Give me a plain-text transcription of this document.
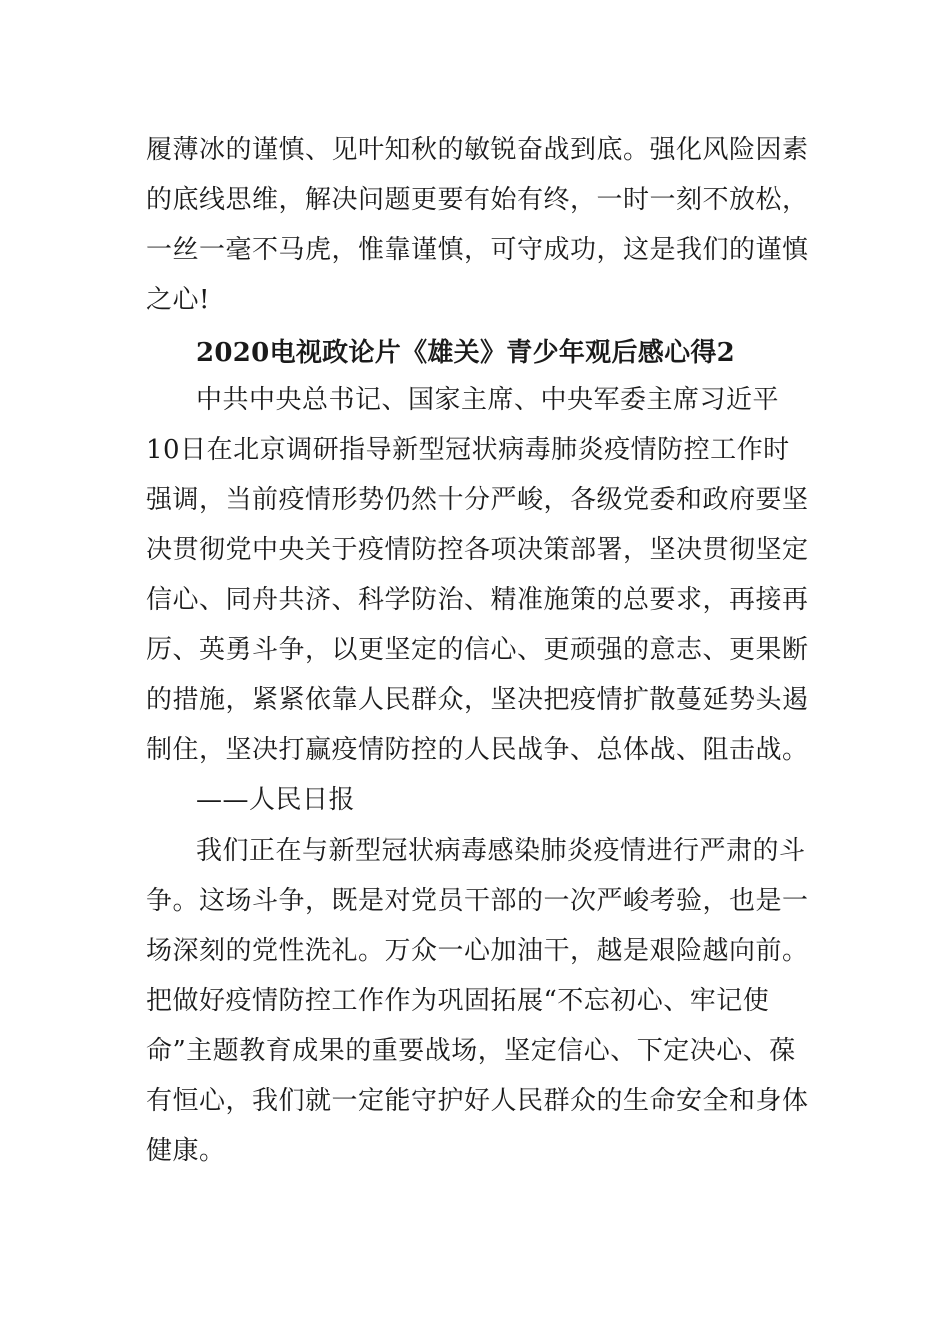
履薄冰的谨慎、见叶知秋的敏锐奋战到底。强化风险因素
的底线思维，解决问题更要有始有终，一时一刻不放松，
一丝一毫不马虎，惟靠谨慎，可守成功，这是我们的谨慎
之心!
2020电视政论片《雄关》青少年观后感心得2
中共中央总书记、国家主席、中央军委主席习近平
10日在北京调研指导新型冠状病毒肺炎疫情防控工作时
强调，当前疫情形势仍然十分严峻，各级党委和政府要坚
决贯彻党中央关于疫情防控各项决策部署，坚决贯彻坚定
信心、同舟共济、科学防治、精准施策的总要求，再接再
厉、英勇斗争，以更坚定的信心、更顽强的意志、更果断
的措施，紧紧依靠人民群众，坚决把疫情扩散蔓延势头遏
制住，坚决打赢疫情防控的人民战争、总体战、阻击战。
——人民日报
我们正在与新型冠状病毒感染肺炎疫情进行严肃的斗
争。这场斗争，既是对党员干部的一次严峻考验，也是一
场深刻的党性洗礼。万众一心加油干，越是艰险越向前。
把做好疫情防控工作作为巩固拓展“不忘初心、牢记使
命”主题教育成果的重要战场，坚定信心、下定决心、葆
有恒心，我们就一定能守护好人民群众的生命安全和身体
健康。
